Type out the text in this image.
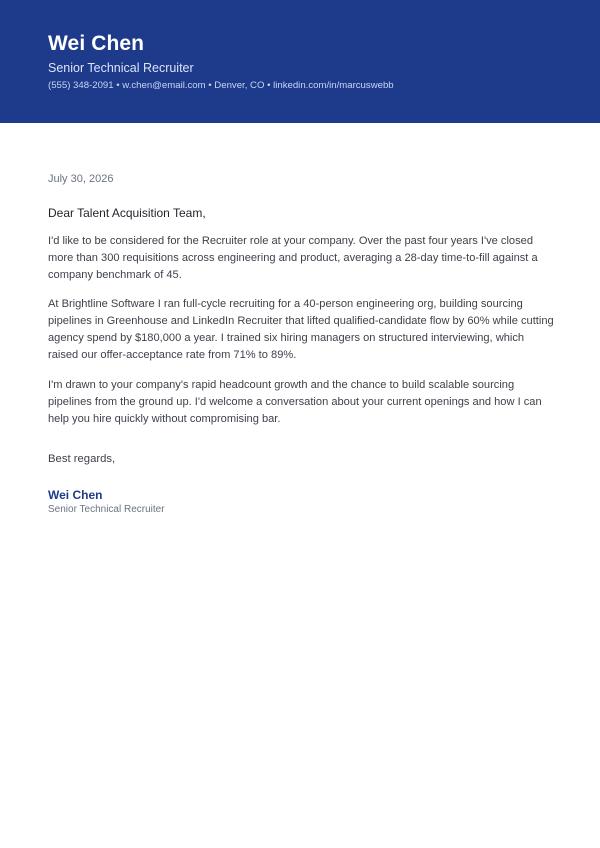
Wei Chen
Senior Technical Recruiter
(555) 348-2091 • w.chen@email.com • Denver, CO • linkedin.com/in/marcuswebb
July 30, 2026
Dear Talent Acquisition Team,

I'd like to be considered for the Recruiter role at your company. Over the past four years I've closed more than 300 requisitions across engineering and product, averaging a 28-day time-to-fill against a company benchmark of 45.

At Brightline Software I ran full-cycle recruiting for a 40-person engineering org, building sourcing pipelines in Greenhouse and LinkedIn Recruiter that lifted qualified-candidate flow by 60% while cutting agency spend by $180,000 a year. I trained six hiring managers on structured interviewing, which raised our offer-acceptance rate from 71% to 89%.

I'm drawn to your company's rapid headcount growth and the chance to build scalable sourcing pipelines from the ground up. I'd welcome a conversation about your current openings and how I can help you hire quickly without compromising bar.

Best regards,
Wei Chen
Senior Technical Recruiter
